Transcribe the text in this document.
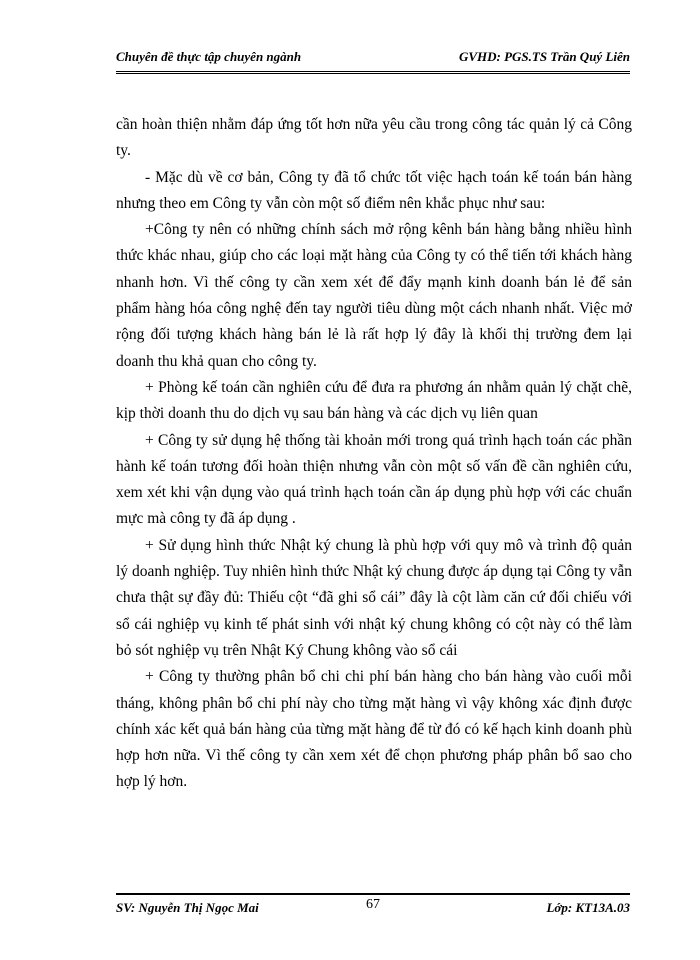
Chuyên đề thực tập chuyên ngành	GVHD: PGS.TS Trần Quý Liên

cần hoàn thiện nhằm đáp ứng tốt hơn nữa yêu cầu trong công tác quản lý cả Công ty.

- Mặc dù về cơ bản, Công ty đã tổ chức tốt việc hạch toán kế toán bán hàng nhưng theo em Công ty vẫn còn một số điểm nên khắc phục như sau:

+Công ty nên có những chính sách mở rộng kênh bán hàng bằng nhiều hình thức khác nhau, giúp cho các loại mặt hàng của Công ty có thể tiến tới khách hàng nhanh hơn. Vì thế công ty cần xem xét để đẩy mạnh kinh doanh bán lẻ để sản phẩm hàng hóa công nghệ đến tay người tiêu dùng một cách nhanh nhất. Việc mở rộng đối tượng khách hàng bán lẻ là rất hợp lý đây là khối thị trường đem lại doanh thu khả quan cho công ty.

+ Phòng kế toán cần nghiên cứu để đưa ra phương án nhằm quản lý chặt chẽ, kịp thời doanh thu do dịch vụ sau bán hàng và các dịch vụ liên quan

+ Công ty sử dụng hệ thống tài khoản mới trong quá trình hạch toán các phần hành kế toán tương đối hoàn thiện nhưng vẫn còn một số vấn đề cần nghiên cứu, xem xét khi vận dụng vào quá trình hạch toán cần áp dụng phù hợp với các chuẩn mực mà công ty đã áp dụng .

+ Sử dụng hình thức Nhật ký chung là phù hợp với quy mô và trình độ quản lý doanh nghiệp. Tuy nhiên hình thức Nhật ký chung được áp dụng tại Công ty vẫn chưa thật sự đầy đủ: Thiếu cột “đã ghi sổ cái” đây là cột làm căn cứ đối chiếu với sổ cái nghiệp vụ kinh tế phát sinh với nhật ký chung không có cột này có thể làm bỏ sót nghiệp vụ trên Nhật Ký Chung không vào sổ cái

+ Công ty thường phân bổ chi chi phí bán hàng cho bán hàng vào cuối mỗi tháng, không phân bổ chi phí này cho từng mặt hàng vì vậy không xác định được chính xác kết quả bán hàng của từng mặt hàng để từ đó có kế hạch kinh doanh phù hợp hơn nữa. Vì thế công ty cần xem xét để chọn phương pháp phân bổ sao cho hợp lý hơn.

SV: Nguyễn Thị Ngọc Mai	67	Lớp: KT13A.03
